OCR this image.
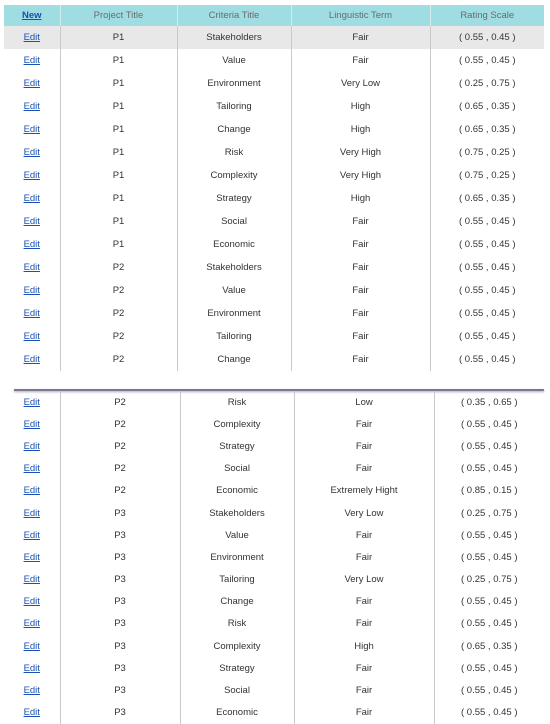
New	Project Title	Criteria Title	Linguistic Term	Rating Scale
Edit	P1	Stakeholders	Fair	( 0.55 , 0.45 )
Edit	P1	Value	Fair	( 0.55 , 0.45 )
Edit	P1	Environment	Very Low	( 0.25 , 0.75 )
Edit	P1	Tailoring	High	( 0.65 , 0.35 )
Edit	P1	Change	High	( 0.65 , 0.35 )
Edit	P1	Risk	Very High	( 0.75 , 0.25 )
Edit	P1	Complexity	Very High	( 0.75 , 0.25 )
Edit	P1	Strategy	High	( 0.65 , 0.35 )
Edit	P1	Social	Fair	( 0.55 , 0.45 )
Edit	P1	Economic	Fair	( 0.55 , 0.45 )
Edit	P2	Stakeholders	Fair	( 0.55 , 0.45 )
Edit	P2	Value	Fair	( 0.55 , 0.45 )
Edit	P2	Environment	Fair	( 0.55 , 0.45 )
Edit	P2	Tailoring	Fair	( 0.55 , 0.45 )
Edit	P2	Change	Fair	( 0.55 , 0.45 )
Edit	P2	Risk	Low	( 0.35 , 0.65 )
Edit	P2	Complexity	Fair	( 0.55 , 0.45 )
Edit	P2	Strategy	Fair	( 0.55 , 0.45 )
Edit	P2	Social	Fair	( 0.55 , 0.45 )
Edit	P2	Economic	Extremely Hight	( 0.85 , 0.15 )
Edit	P3	Stakeholders	Very Low	( 0.25 , 0.75 )
Edit	P3	Value	Fair	( 0.55 , 0.45 )
Edit	P3	Environment	Fair	( 0.55 , 0.45 )
Edit	P3	Tailoring	Very Low	( 0.25 , 0.75 )
Edit	P3	Change	Fair	( 0.55 , 0.45 )
Edit	P3	Risk	Fair	( 0.55 , 0.45 )
Edit	P3	Complexity	High	( 0.65 , 0.35 )
Edit	P3	Strategy	Fair	( 0.55 , 0.45 )
Edit	P3	Social	Fair	( 0.55 , 0.45 )
Edit	P3	Economic	Fair	( 0.55 , 0.45 )
